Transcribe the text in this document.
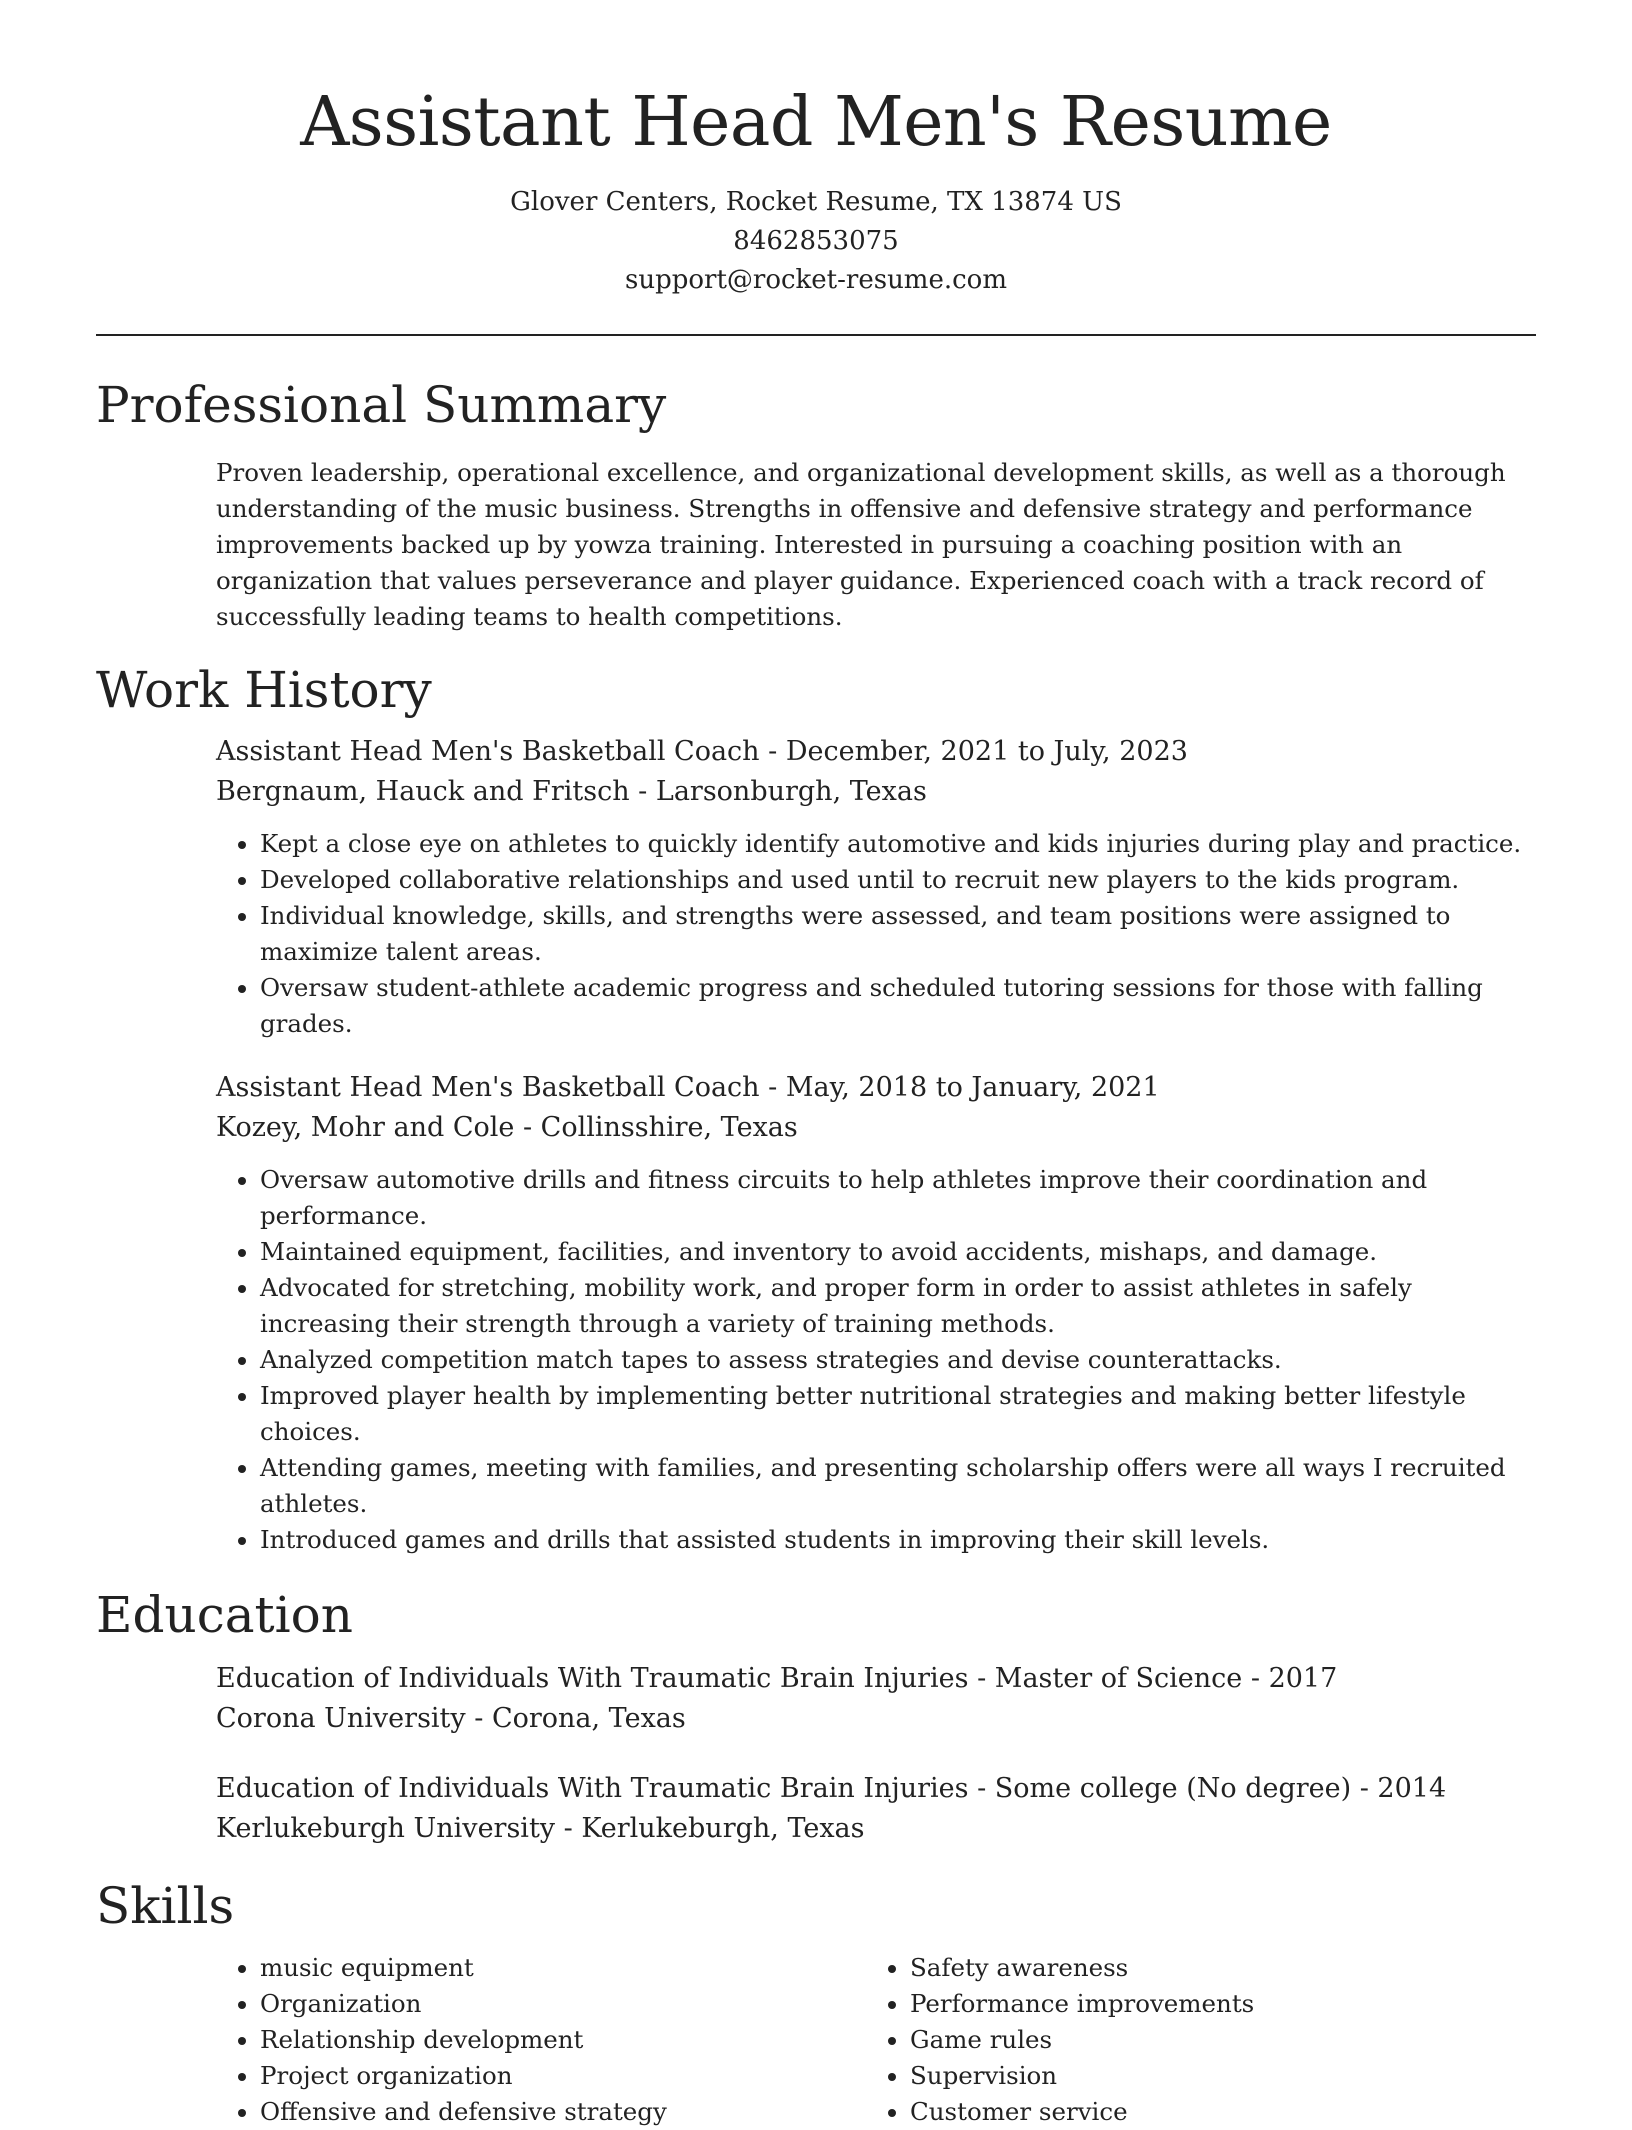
Assistant Head Men's Resume
Glover Centers, Rocket Resume, TX 13874 US
8462853075
support@rocket-resume.com
Professional Summary

Proven leadership, operational excellence, and organizational development skills, as well as a thorough understanding of the music business. Strengths in offensive and defensive strategy and performance improvements backed up by yowza training. Interested in pursuing a coaching position with an organization that values perseverance and player guidance. Experienced coach with a track record of successfully leading teams to health competitions.

Work History
Assistant Head Men's Basketball Coach - December, 2021 to July, 2023
Bergnaum, Hauck and Fritsch - Larsonburgh, Texas
• Kept a close eye on athletes to quickly identify automotive and kids injuries during play and practice.
• Developed collaborative relationships and used until to recruit new players to the kids program.
• Individual knowledge, skills, and strengths were assessed, and team positions were assigned to maximize talent areas.
• Oversaw student-athlete academic progress and scheduled tutoring sessions for those with falling grades.
Assistant Head Men's Basketball Coach - May, 2018 to January, 2021
Kozey, Mohr and Cole - Collinsshire, Texas
• Oversaw automotive drills and fitness circuits to help athletes improve their coordination and performance.
• Maintained equipment, facilities, and inventory to avoid accidents, mishaps, and damage.
• Advocated for stretching, mobility work, and proper form in order to assist athletes in safely increasing their strength through a variety of training methods.
• Analyzed competition match tapes to assess strategies and devise counterattacks.
• Improved player health by implementing better nutritional strategies and making better lifestyle choices.
• Attending games, meeting with families, and presenting scholarship offers were all ways I recruited athletes.
• Introduced games and drills that assisted students in improving their skill levels.
Education
Education of Individuals With Traumatic Brain Injuries - Master of Science - 2017
Corona University - Corona, Texas
Education of Individuals With Traumatic Brain Injuries - Some college (No degree) - 2014
Kerlukeburgh University - Kerlukeburgh, Texas
Skills
• music equipment
• Organization
• Relationship development
• Project organization
• Offensive and defensive strategy
• Safety awareness
• Performance improvements
• Game rules
• Supervision
• Customer service
